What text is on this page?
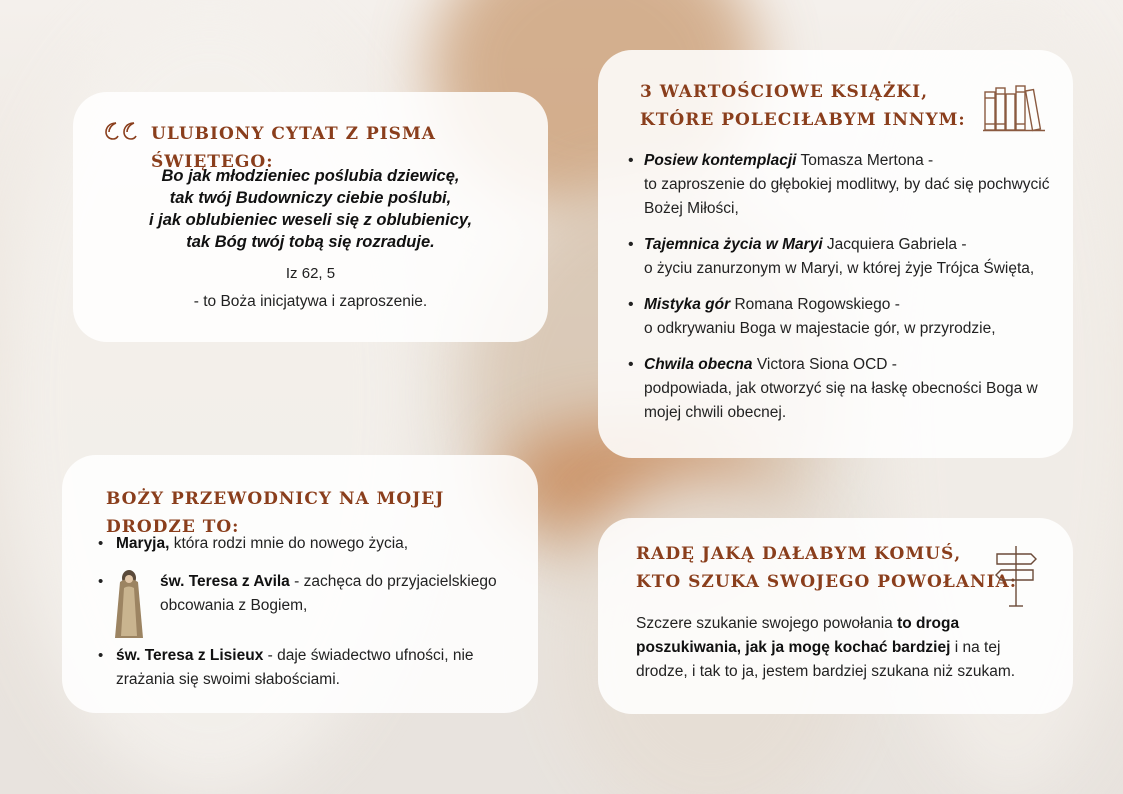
ULUBIONY CYTAT Z PISMA ŚWIĘTEGO:
Bo jak młodzieniec poślubia dziewicę,
tak twój Budowniczy ciebie poślubi,
i jak oblubieniec weseli się z oblubienicy,
tak Bóg twój tobą się rozraduje.
Iz 62, 5
- to Boża inicjatywa i zaproszenie.
3 WARTOŚCIOWE KSIĄŻKI, KTÓRE POLECIŁABYM INNYM:
• Posiew kontemplacji Tomasza Mertona -
to zaproszenie do głębokiej modlitwy, by dać się pochwycić Bożej Miłości,
• Tajemnica życia w Maryi Jacquiera Gabriela -
o życiu zanurzonym w Maryi, w której żyje Trójca Święta,
• Mistyka gór Romana Rogowskiego -
o odkrywaniu Boga w majestacie gór, w przyrodzie,
• Chwila obecna Victora Siona OCD -
podpowiada, jak otworzyć się na łaskę obecności Boga w mojej chwili obecnej.
BOŻY PRZEWODNICY NA MOJEJ DRODZE TO:
• Maryja, która rodzi mnie do nowego życia,
• św. Teresa z Avila - zachęca do przyjacielskiego obcowania z Bogiem,
• św. Teresa z Lisieux - daje świadectwo ufności, nie zrażania się swoimi słabościami.
RADĘ JAKĄ DAŁABYM KOMUŚ,
KTO SZUKA SWOJEGO POWOŁANIA:
Szczere szukanie swojego powołania to droga poszukiwania, jak ja mogę kochać bardziej i na tej drodze, i tak to ja, jestem bardziej szukana niż szukam.
